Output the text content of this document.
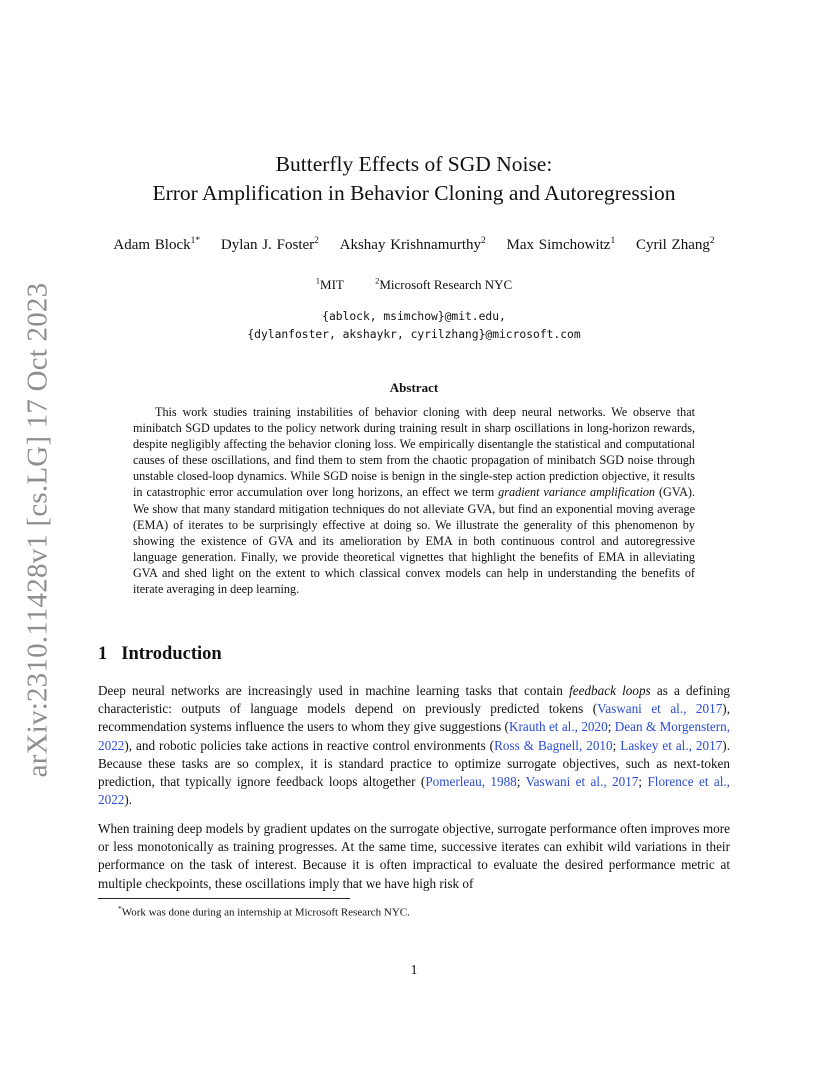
arXiv:2310.11428v1 [cs.LG] 17 Oct 2023
Butterfly Effects of SGD Noise:
Error Amplification in Behavior Cloning and Autoregression
Adam Block$^{1*}$ Dylan J. Foster$^2$ Akshay Krishnamurthy$^2$ Max Simchowitz$^1$ Cyril Zhang$^2$
$^1$MIT	$^2$Microsoft Research NYC
{ablock, msimchow}@mit.edu,
{dylanfoster, akshaykr, cyrilzhang}@microsoft.com
Abstract

This work studies training instabilities of behavior cloning with deep neural networks. We observe that minibatch SGD updates to the policy network during training result in sharp oscillations in long-horizon rewards, despite negligibly affecting the behavior cloning loss. We empirically disentangle the statistical and computational causes of these oscillations, and find them to stem from the chaotic propagation of minibatch SGD noise through unstable closed-loop dynamics. While SGD noise is benign in the single-step action prediction objective, it results in catastrophic error accumulation over long horizons, an effect we term gradient variance amplification (GVA). We show that many standard mitigation techniques do not alleviate GVA, but find an exponential moving average (EMA) of iterates to be surprisingly effective at doing so. We illustrate the generality of this phenomenon by showing the existence of GVA and its amelioration by EMA in both continuous control and autoregressive language generation. Finally, we provide theoretical vignettes that highlight the benefits of EMA in alleviating GVA and shed light on the extent to which classical convex models can help in understanding the benefits of iterate averaging in deep learning.

1 Introduction

Deep neural networks are increasingly used in machine learning tasks that contain feedback loops as a defining characteristic: outputs of language models depend on previously predicted tokens (Vaswani et al., 2017), recommendation systems influence the users to whom they give suggestions (Krauth et al., 2020; Dean & Morgenstern, 2022), and robotic policies take actions in reactive control environments (Ross & Bagnell, 2010; Laskey et al., 2017). Because these tasks are so complex, it is standard practice to optimize surrogate objectives, such as next-token prediction, that typically ignore feedback loops altogether (Pomerleau, 1988; Vaswani et al., 2017; Florence et al., 2022).

When training deep models by gradient updates on the surrogate objective, surrogate performance often improves more or less monotonically as training progresses. At the same time, successive iterates can exhibit wild variations in their performance on the task of interest. Because it is often impractical to evaluate the desired performance metric at multiple checkpoints, these oscillations imply that we have high risk of

*Work was done during an internship at Microsoft Research NYC.
1
